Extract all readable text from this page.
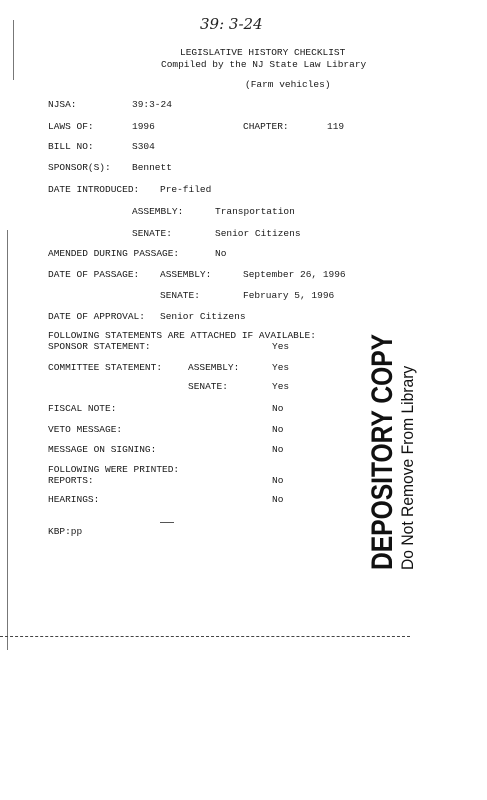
39: 3-24
LEGISLATIVE HISTORY CHECKLIST
Compiled by the NJ State Law Library
(Farm vehicles)
NJSA:	39:3-24
LAWS OF:	1996	CHAPTER:	119
BILL NO:	S304
SPONSOR(S): Bennett
DATE INTRODUCED: Pre-filed
ASSEMBLY:	Transportation
SENATE:	Senior Citizens
AMENDED DURING PASSAGE:	No
DATE OF PASSAGE: ASSEMBLY:	September 26, 1996
SENATE:	February 5, 1996
DATE OF APPROVAL: Senior Citizens
FOLLOWING STATEMENTS ARE ATTACHED IF AVAILABLE:
SPONSOR STATEMENT:	Yes
COMMITTEE STATEMENT:	ASSEMBLY:	Yes
SENATE:	Yes
FISCAL NOTE:	No
VETO MESSAGE:	No
MESSAGE ON SIGNING:	No
FOLLOWING WERE PRINTED:
REPORTS:	No
HEARINGS:	No
KBP:pp	DEPOSITORY COPY Do Not Remove From Library
